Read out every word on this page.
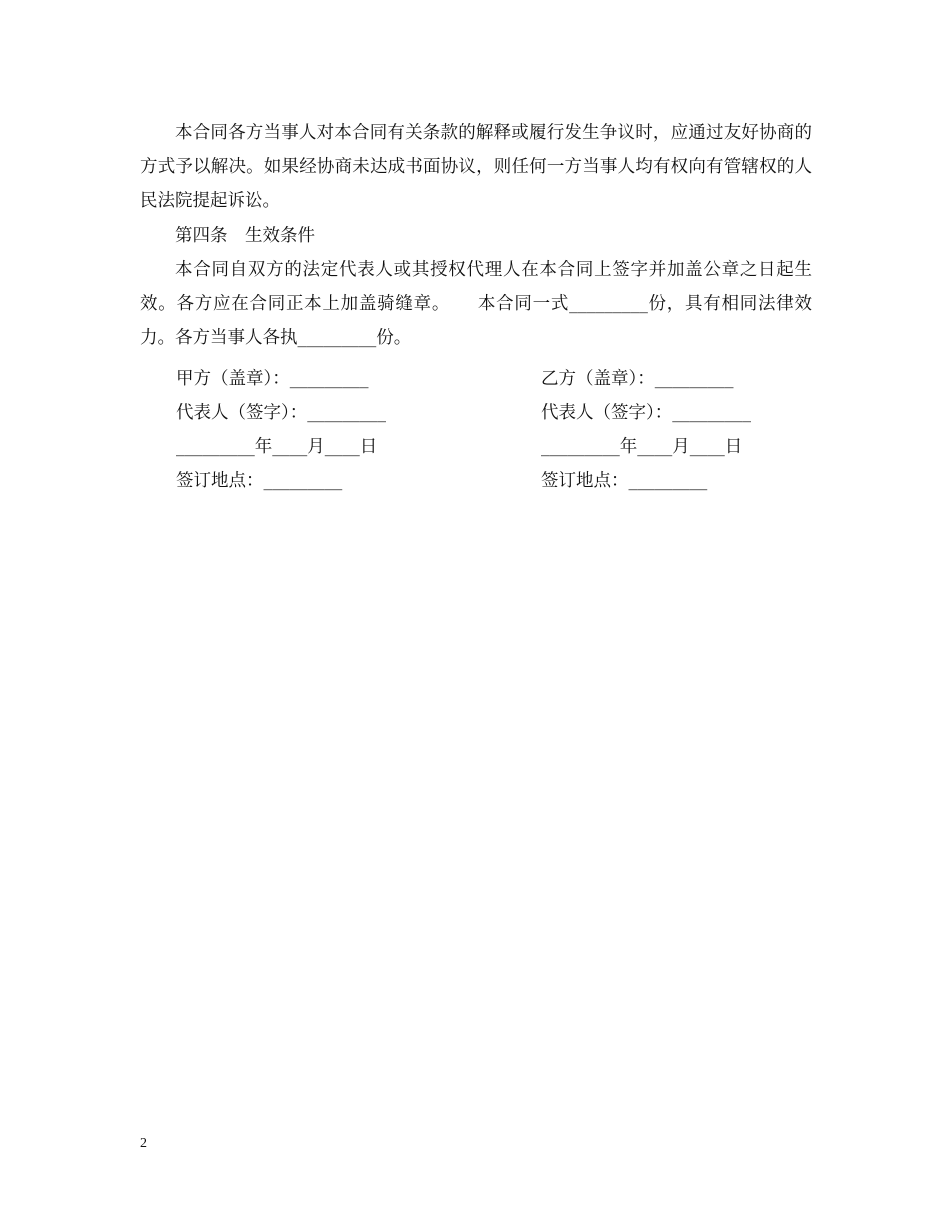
本合同各方当事人对本合同有关条款的解释或履行发生争议时，应通过友好协商的方式予以解决。如果经协商未达成书面协议，则任何一方当事人均有权向有管辖权的人民法院提起诉讼。

第四条　生效条件

本合同自双方的法定代表人或其授权代理人在本合同上签字并加盖公章之日起生效。各方应在合同正本上加盖骑缝章。　　本合同一式_________份，具有相同法律效力。各方当事人各执_________份。

甲方（盖章）：_________	乙方（盖章）：_________
代表人（签字）：_________	代表人（签字）：_________
_________年____月____日	_________年____月____日
签订地点：_________	签订地点：_________
2
